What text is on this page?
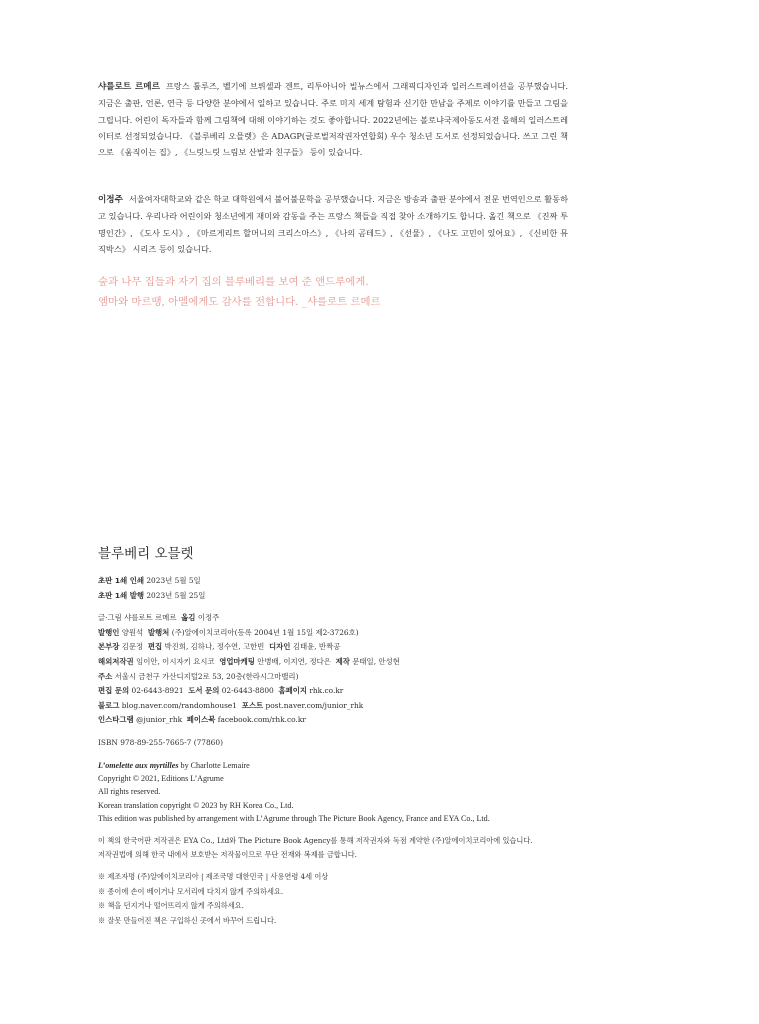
샤를로트 르메르 프랑스 툴루즈, 벨기에 브뤼셀과 겐트, 리투아니아 빌뉴스에서 그래픽디자인과 일러스트레이션을 공부했습니다. 지금은 출판, 언론, 연극 등 다양한 분야에서 일하고 있습니다. 주로 미지 세계 탐험과 신기한 만남을 주제로 이야기를 만들고 그림을 그립니다. 어린이 독자들과 함께 그림책에 대해 이야기하는 것도 좋아합니다. 2022년에는 볼로냐국제아동도서전 올해의 일러스트레이터로 선정되었습니다. 《블루베리 오믈렛》은 ADAGP(글로벌저작권자연합회) 우수 청소년 도서로 선정되었습니다. 쓰고 그린 책으로 《움직이는 집》, 《느릿느릿 느림보 산발과 친구들》 등이 있습니다.
이정주 서울여자대학교와 같은 학교 대학원에서 불어불문학을 공부했습니다. 지금은 방송과 출판 분야에서 전문 번역인으로 활동하고 있습니다. 우리나라 어린이와 청소년에게 재미와 감동을 주는 프랑스 책들을 직접 찾아 소개하기도 합니다. 옮긴 책으로 《진짜 투명인간》, 《도사 도시》, 《마르게리트 할머니의 크리스마스》, 《나의 곰테드》, 《선물》, 《나도 고민이 있어요》, 《신비한 뮤직박스》 시리즈 등이 있습니다.
숲과 나무 집들과 자기 집의 블루베리를 보여 준 앤드루에게.
엠마와 마르땡, 아멜에게도 감사를 전합니다. _샤를로트 르메르
블루베리 오믈렛
초판 1쇄 인쇄 2023년 5월 5일
초판 1쇄 발행 2023년 5월 25일
글·그림 샤를로트 르메르 옮김 이정주
발행인 양원석 발행처 (주)알에이치코리아(등록 2004년 1월 15일 제2-3726호)
본부장 김문정 편집 박진희, 김하나, 정수연, 고한빈 디자인 김태윤, 반짝공
해외저작권 임이안, 이시자키 요시코 영업마케팅 안병배, 이지연, 정다은 제작 문태일, 안성현
주소 서울시 금천구 가산디지털2로 53, 20층(한라시그마밸리)
편집 문의 02-6443-8921 도서 문의 02-6443-8800 홈페이지 rhk.co.kr
블로그 blog.naver.com/randomhouse1 포스트 post.naver.com/junior_rhk
인스타그램 @junior_rhk 페이스북 facebook.com/rhk.co.kr
ISBN 978-89-255-7665-7 (77860)
L’omelette aux myrtilles by Charlotte Lemaire
Copyright © 2021, Editions L’Agrume
All rights reserved.
Korean translation copyright © 2023 by RH Korea Co., Ltd.
This edition was published by arrangement with L’Agrume through The Picture Book Agency, France and EYA Co., Ltd.
이 책의 한국어판 저작권은 EYA Co., Ltd와 The Picture Book Agency를 통해 저작권자와 독점 계약한 (주)알에이치코리아에 있습니다.
저작권법에 의해 한국 내에서 보호받는 저작물이므로 무단 전재와 복제를 금합니다.
※ 제조자명 (주)알에이치코리아 | 제조국명 대한민국 | 사용연령 4세 이상
※ 종이에 손이 베이거나 모서리에 다치지 않게 주의하세요.
※ 책을 던지거나 떨어뜨리지 않게 주의하세요.
※ 잘못 만들어진 책은 구입하신 곳에서 바꾸어 드립니다.
